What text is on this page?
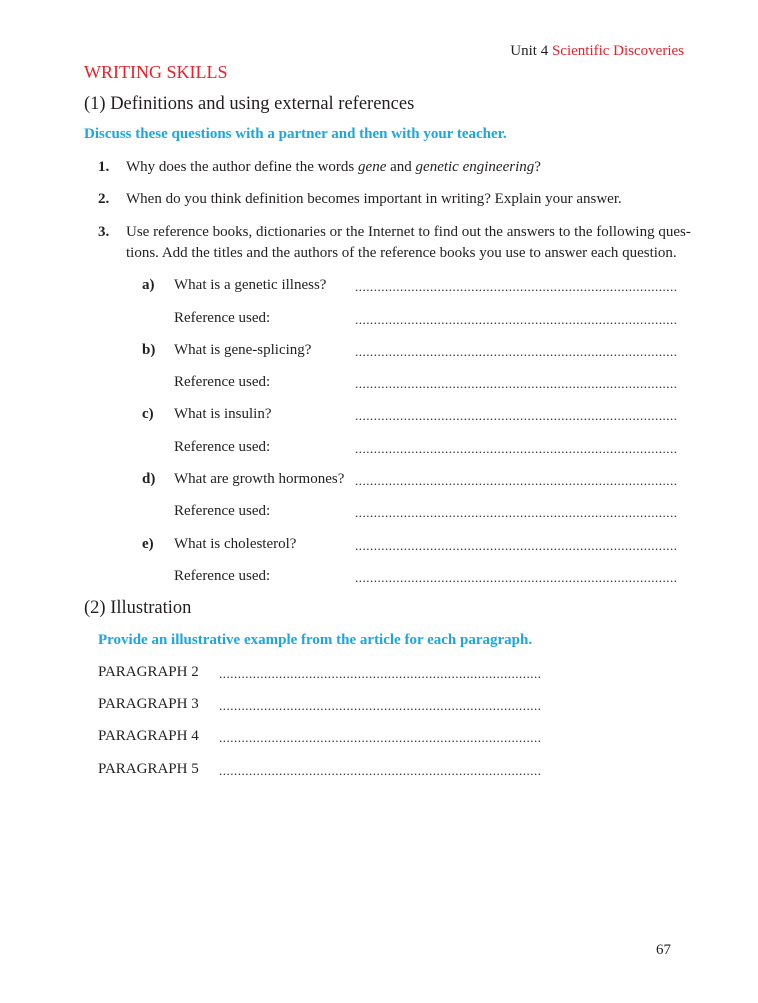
Unit 4 Scientific Discoveries
WRITING SKILLS
(1) Definitions and using external references
Discuss these questions with a partner and then with your teacher.
1. Why does the author define the words gene and genetic engineering?
2. When do you think definition becomes important in writing? Explain your answer.
3. Use reference books, dictionaries or the Internet to find out the answers to the following ques-
tions. Add the titles and the authors of the reference books you use to answer each question.
a) What is a genetic illness? ......................................................................................
Reference used:	......................................................................................
b) What is gene-splicing?	......................................................................................
Reference used:	......................................................................................
c) What is insulin?	......................................................................................
Reference used:	......................................................................................
d) What are growth hormones? ......................................................................................
Reference used:	......................................................................................
e) What is cholesterol?	......................................................................................
Reference used:	......................................................................................
(2) Illustration
Provide an illustrative example from the article for each paragraph.
PARAGRAPH 2 ......................................................................................
PARAGRAPH 3 ......................................................................................
PARAGRAPH 4 ......................................................................................
PARAGRAPH 5 ......................................................................................
67
